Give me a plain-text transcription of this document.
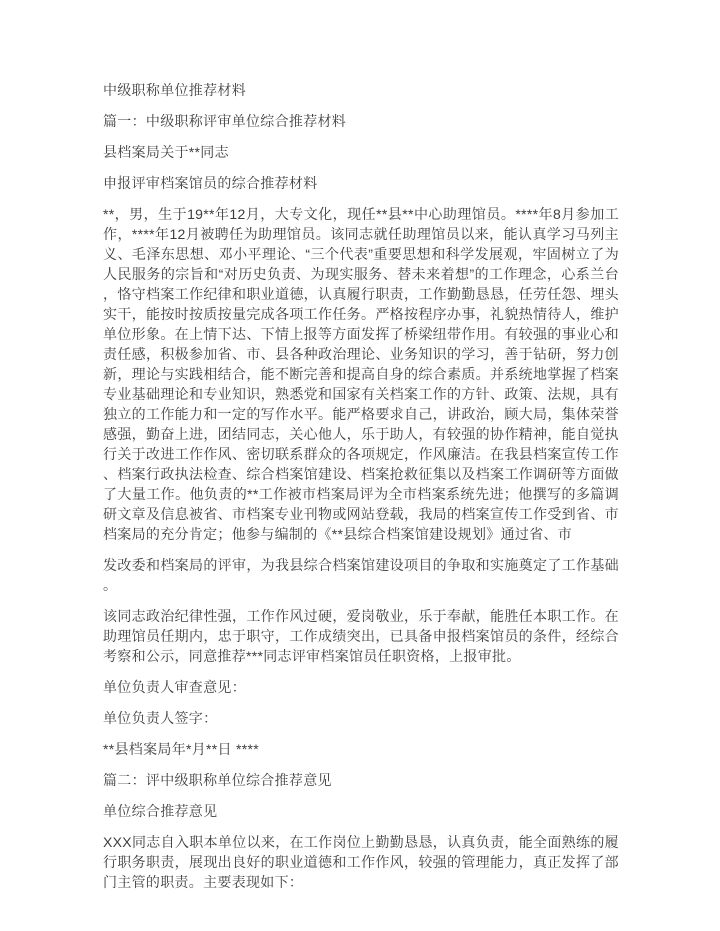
中级职称单位推荐材料

篇一：中级职称评审单位综合推荐材料

县档案局关于**同志

申报评审档案馆员的综合推荐材料

**，男，生于19**年12月，大专文化，现任**县**中心助理馆员。****年8月参加工作，****年12月被聘任为助理馆员。该同志就任助理馆员以来，能认真学习马列主义、毛泽东思想、邓小平理论、“三个代表”重要思想和科学发展观，牢固树立了为人民服务的宗旨和“对历史负责、为现实服务、替未来着想”的工作理念，心系兰台，恪守档案工作纪律和职业道德，认真履行职责，工作勤勤恳恳，任劳任怨、埋头实干，能按时按质按量完成各项工作任务。严格按程序办事，礼貌热情待人，维护单位形象。在上情下达、下情上报等方面发挥了桥梁纽带作用。有较强的事业心和责任感，积极参加省、市、县各种政治理论、业务知识的学习，善于钻研，努力创新，理论与实践相结合，能不断完善和提高自身的综合素质。并系统地掌握了档案专业基础理论和专业知识，熟悉党和国家有关档案工作的方针、政策、法规，具有独立的工作能力和一定的写作水平。能严格要求自己，讲政治，顾大局，集体荣誉感强，勤奋上进，团结同志，关心他人，乐于助人，有较强的协作精神，能自觉执行关于改进工作作风、密切联系群众的各项规定，作风廉洁。在我县档案宣传工作、档案行政执法检查、综合档案馆建设、档案抢救征集以及档案工作调研等方面做了大量工作。他负责的**工作被市档案局评为全市档案系统先进；他撰写的多篇调研文章及信息被省、市档案专业刊物或网站登载，我局的档案宣传工作受到省、市档案局的充分肯定；他参与编制的《**县综合档案馆建设规划》通过省、市

发改委和档案局的评审，为我县综合档案馆建设项目的争取和实施奠定了工作基础。

该同志政治纪律性强，工作作风过硬，爱岗敬业，乐于奉献，能胜任本职工作。在助理馆员任期内，忠于职守，工作成绩突出，已具备申报档案馆员的条件，经综合考察和公示，同意推荐***同志评审档案馆员任职资格，上报审批。

单位负责人审查意见：

单位负责人签字：

**县档案局年*月**日 ****

篇二：评中级职称单位综合推荐意见

单位综合推荐意见

XXX同志自入职本单位以来，在工作岗位上勤勤恳恳，认真负责，能全面熟练的履行职务职责，展现出良好的职业道德和工作作风，较强的管理能力，真正发挥了部门主管的职责。主要表现如下：
